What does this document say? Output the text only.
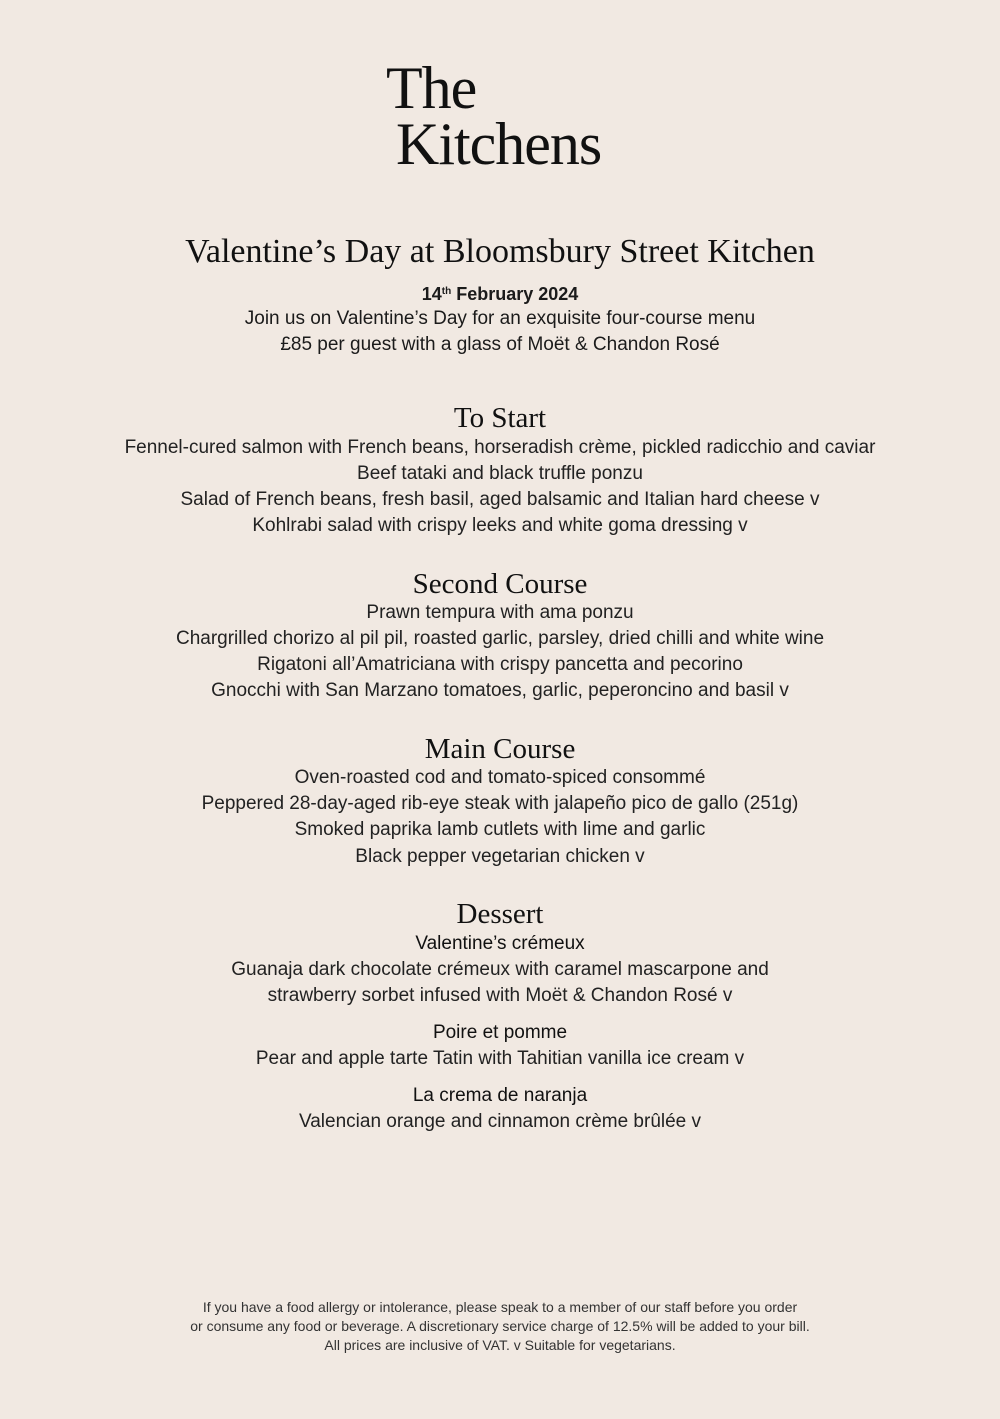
The
Kitchens
Valentine’s Day at Bloomsbury Street Kitchen
14th February 2024
Join us on Valentine’s Day for an exquisite four-course menu
£85 per guest with a glass of Moët & Chandon Rosé
To Start
Fennel-cured salmon with French beans, horseradish crème, pickled radicchio and caviar
Beef tataki and black truffle ponzu
Salad of French beans, fresh basil, aged balsamic and Italian hard cheese v
Kohlrabi salad with crispy leeks and white goma dressing v
Second Course
Prawn tempura with ama ponzu
Chargrilled chorizo al pil pil, roasted garlic, parsley, dried chilli and white wine
Rigatoni all’Amatriciana with crispy pancetta and pecorino
Gnocchi with San Marzano tomatoes, garlic, peperoncino and basil v
Main Course
Oven-roasted cod and tomato-spiced consommé
Peppered 28-day-aged rib-eye steak with jalapeño pico de gallo (251g)
Smoked paprika lamb cutlets with lime and garlic
Black pepper vegetarian chicken v
Dessert
Valentine’s crémeux
Guanaja dark chocolate crémeux with caramel mascarpone and
strawberry sorbet infused with Moët & Chandon Rosé v
Poire et pomme
Pear and apple tarte Tatin with Tahitian vanilla ice cream v
La crema de naranja
Valencian orange and cinnamon crème brûlée v
If you have a food allergy or intolerance, please speak to a member of our staff before you order
or consume any food or beverage. A discretionary service charge of 12.5% will be added to your bill.
All prices are inclusive of VAT. v Suitable for vegetarians.
